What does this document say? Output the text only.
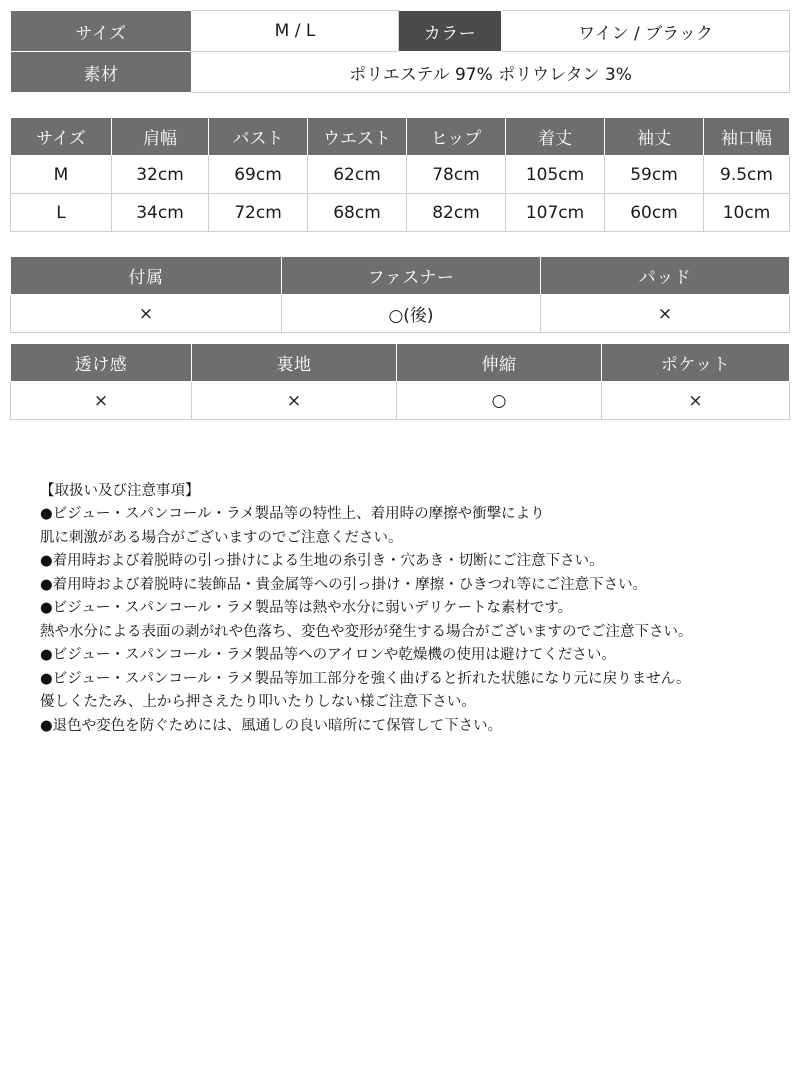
サイズ	M / L	カラー	ワイン / ブラック
素材	ポリエステル 97% ポリウレタン 3%		
サイズ	肩幅	バスト	ウエスト	ヒップ	着丈	袖丈	袖口幅
M	32cm	69cm	62cm	78cm	105cm	59cm	9.5cm
L	34cm	72cm	68cm	82cm	107cm	60cm	10cm
付属	ファスナー	パッド
×	○(後)	×
透け感	裏地	伸縮	ポケット
×	×	○	×
【取扱い及び注意事項】
●ビジュー・スパンコール・ラメ製品等の特性上、着用時の摩擦や衝撃により
肌に刺激がある場合がございますのでご注意ください。
●着用時および着脱時の引っ掛けによる生地の糸引き・穴あき・切断にご注意下さい。
●着用時および着脱時に装飾品・貴金属等への引っ掛け・摩擦・ひきつれ等にご注意下さい。
●ビジュー・スパンコール・ラメ製品等は熱や水分に弱いデリケートな素材です。
熱や水分による表面の剥がれや色落ち、変色や変形が発生する場合がございますのでご注意下さい。
●ビジュー・スパンコール・ラメ製品等へのアイロンや乾燥機の使用は避けてください。
●ビジュー・スパンコール・ラメ製品等加工部分を強く曲げると折れた状態になり元に戻りません。
優しくたたみ、上から押さえたり叩いたりしない様ご注意下さい。
●退色や変色を防ぐためには、風通しの良い暗所にて保管して下さい。
